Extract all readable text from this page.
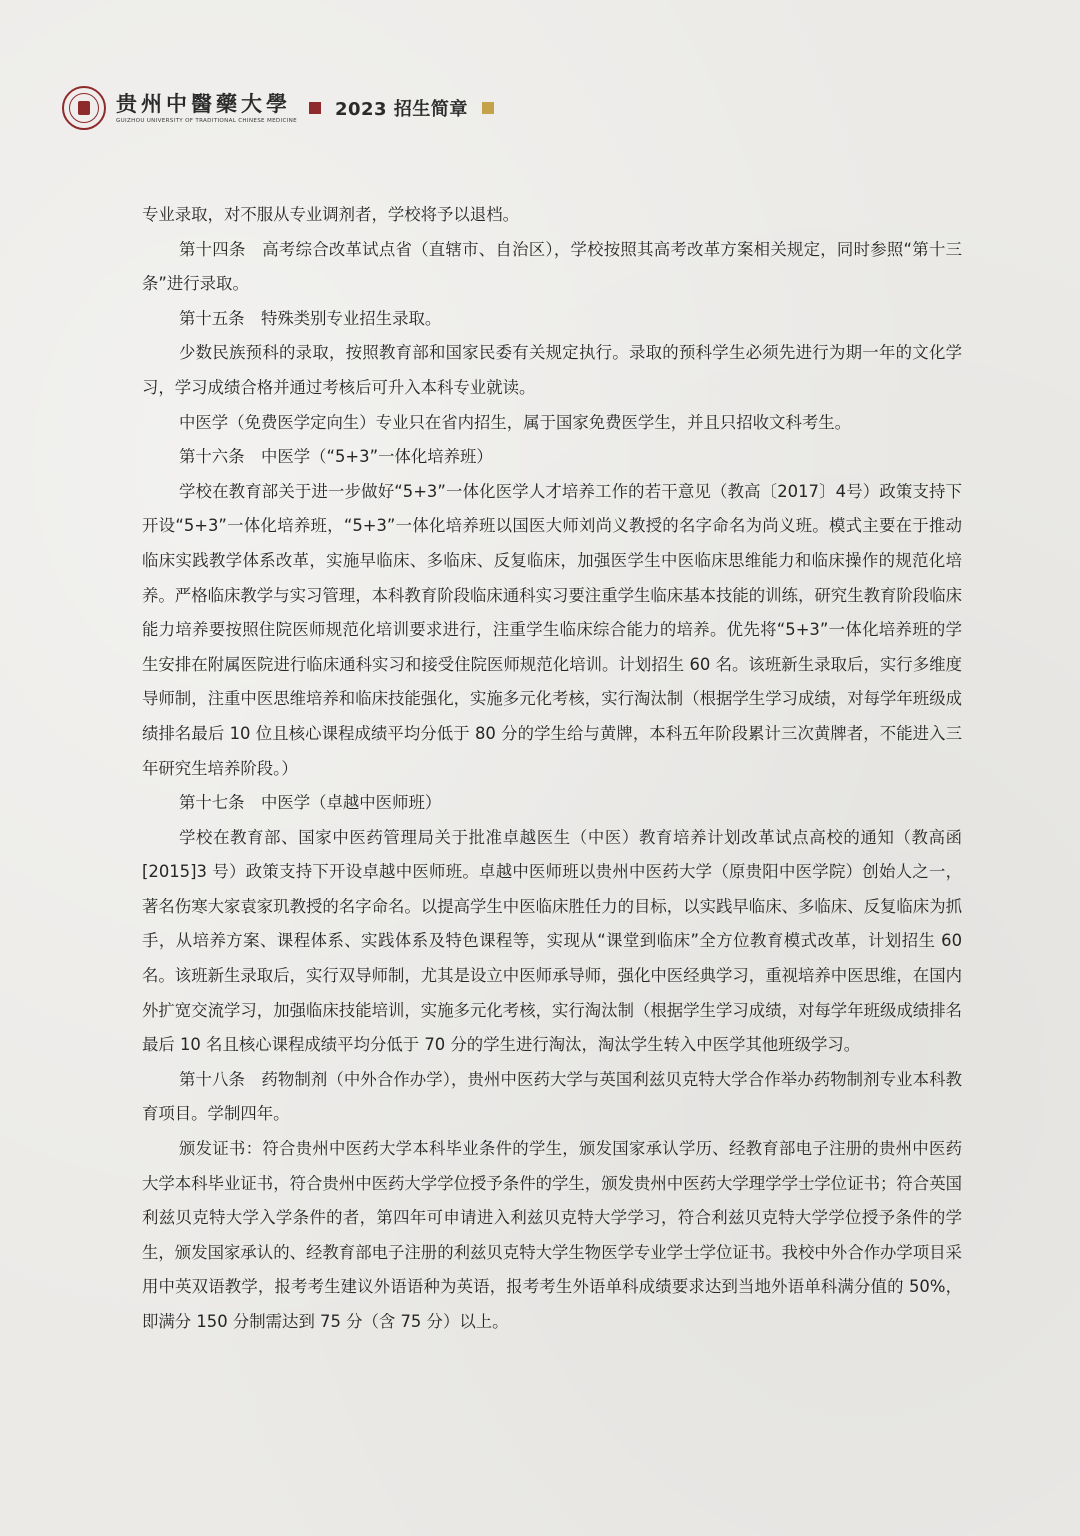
贵州中醫藥大學
GUIZHOU UNIVERSITY OF TRADITIONAL CHINESE MEDICINE
2023 招生简章

专业录取，对不服从专业调剂者，学校将予以退档。

第十四条　高考综合改革试点省（直辖市、自治区），学校按照其高考改革方案相关规定，同时参照“第十三条”进行录取。

第十五条　特殊类别专业招生录取。

少数民族预科的录取，按照教育部和国家民委有关规定执行。录取的预科学生必须先进行为期一年的文化学习，学习成绩合格并通过考核后可升入本科专业就读。

中医学（免费医学定向生）专业只在省内招生，属于国家免费医学生，并且只招收文科考生。

第十六条　中医学（“5+3”一体化培养班）

学校在教育部关于进一步做好“5+3”一体化医学人才培养工作的若干意见（教高〔2017〕4号）政策支持下开设“5+3”一体化培养班，“5+3”一体化培养班以国医大师刘尚义教授的名字命名为尚义班。模式主要在于推动临床实践教学体系改革，实施早临床、多临床、反复临床，加强医学生中医临床思维能力和临床操作的规范化培养。严格临床教学与实习管理，本科教育阶段临床通科实习要注重学生临床基本技能的训练，研究生教育阶段临床能力培养要按照住院医师规范化培训要求进行，注重学生临床综合能力的培养。优先将“5+3”一体化培养班的学生安排在附属医院进行临床通科实习和接受住院医师规范化培训。计划招生 60 名。该班新生录取后，实行多维度导师制，注重中医思维培养和临床技能强化，实施多元化考核，实行淘汰制（根据学生学习成绩，对每学年班级成绩排名最后 10 位且核心课程成绩平均分低于 80 分的学生给与黄牌，本科五年阶段累计三次黄牌者，不能进入三年研究生培养阶段。）

第十七条　中医学（卓越中医师班）

学校在教育部、国家中医药管理局关于批准卓越医生（中医）教育培养计划改革试点高校的通知（教高函 [2015]3 号）政策支持下开设卓越中医师班。卓越中医师班以贵州中医药大学（原贵阳中医学院）创始人之一，著名伤寒大家袁家玑教授的名字命名。以提高学生中医临床胜任力的目标，以实践早临床、多临床、反复临床为抓手，从培养方案、课程体系、实践体系及特色课程等，实现从“课堂到临床”全方位教育模式改革，计划招生 60 名。该班新生录取后，实行双导师制，尤其是设立中医师承导师，强化中医经典学习，重视培养中医思维，在国内外扩宽交流学习，加强临床技能培训，实施多元化考核，实行淘汰制（根据学生学习成绩，对每学年班级成绩排名最后 10 名且核心课程成绩平均分低于 70 分的学生进行淘汰，淘汰学生转入中医学其他班级学习。

第十八条　药物制剂（中外合作办学），贵州中医药大学与英国利兹贝克特大学合作举办药物制剂专业本科教育项目。学制四年。

颁发证书：符合贵州中医药大学本科毕业条件的学生，颁发国家承认学历、经教育部电子注册的贵州中医药大学本科毕业证书，符合贵州中医药大学学位授予条件的学生，颁发贵州中医药大学理学学士学位证书；符合英国利兹贝克特大学入学条件的者，第四年可申请进入利兹贝克特大学学习，符合利兹贝克特大学学位授予条件的学生，颁发国家承认的、经教育部电子注册的利兹贝克特大学生物医学专业学士学位证书。我校中外合作办学项目采用中英双语教学，报考考生建议外语语种为英语，报考考生外语单科成绩要求达到当地外语单科满分值的 50%，即满分 150 分制需达到 75 分（含 75 分）以上。
